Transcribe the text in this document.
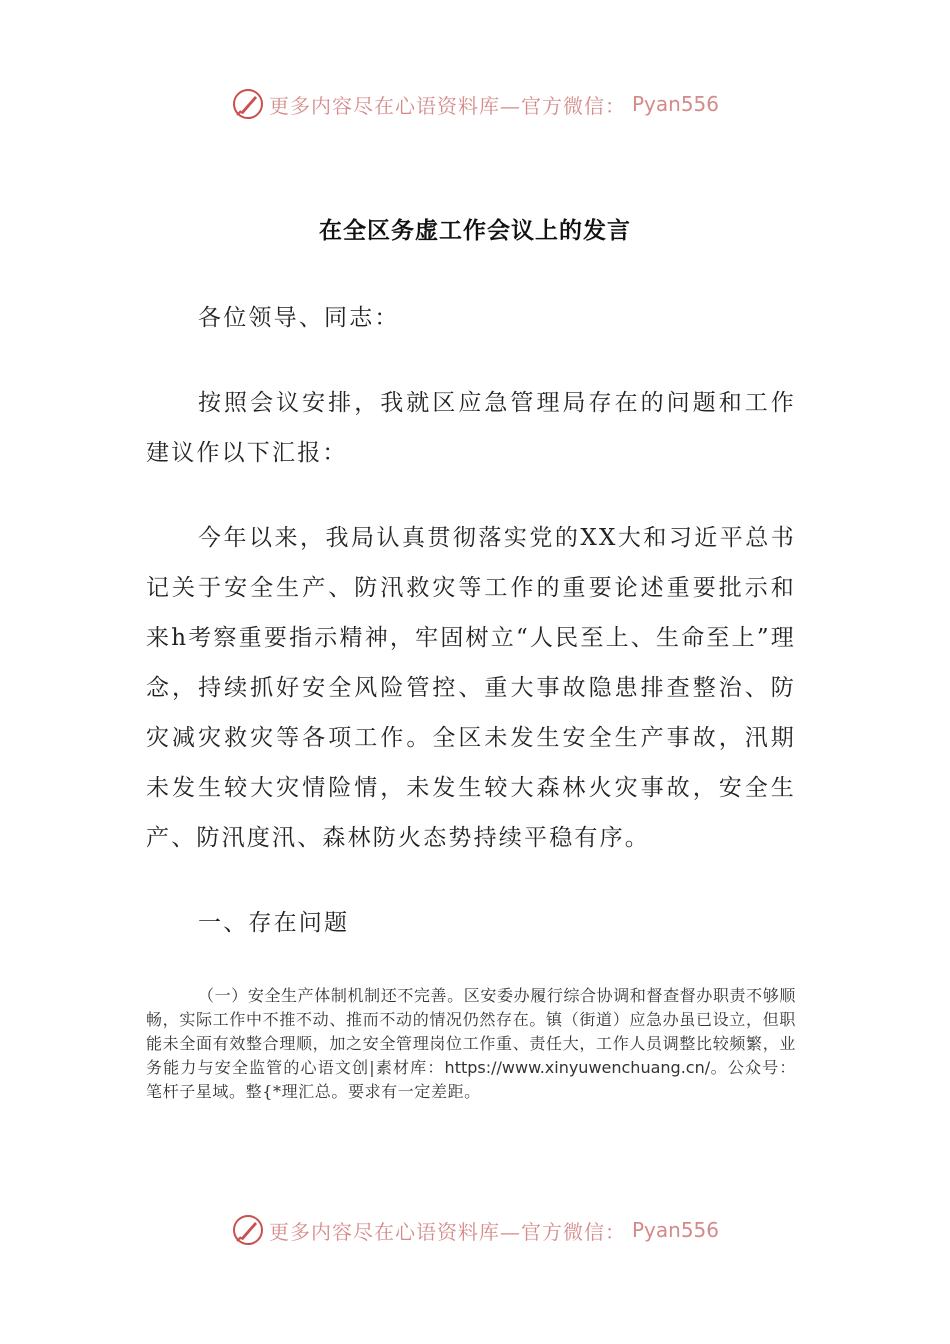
更多内容尽在心语资料库—官方微信： Pyan556
在全区务虚工作会议上的发言
各位领导、同志：
按照会议安排，我就区应急管理局存在的问题和工作建议作以下汇报：
今年以来，我局认真贯彻落实党的XX大和习近平总书记关于安全生产、防汛救灾等工作的重要论述重要批示和来h考察重要指示精神，牢固树立“人民至上、生命至上”理念，持续抓好安全风险管控、重大事故隐患排查整治、防灾减灾救灾等各项工作。全区未发生安全生产事故，汛期未发生较大灾情险情，未发生较大森林火灾事故，安全生产、防汛度汛、森林防火态势持续平稳有序。
一、存在问题
（一）安全生产体制机制还不完善。区安委办履行综合协调和督查督办职责不够顺畅，实际工作中不推不动、推而不动的情况仍然存在。镇（街道）应急办虽已设立，但职能未全面有效整合理顺，加之安全管理岗位工作重、责任大，工作人员调整比较频繁，业务能力与安全监管的心语文创|素材库：https://www.xinyuwenchuang.cn/。公众号：笔杆子星域。整{*理汇总。要求有一定差距。
更多内容尽在心语资料库—官方微信： Pyan556
